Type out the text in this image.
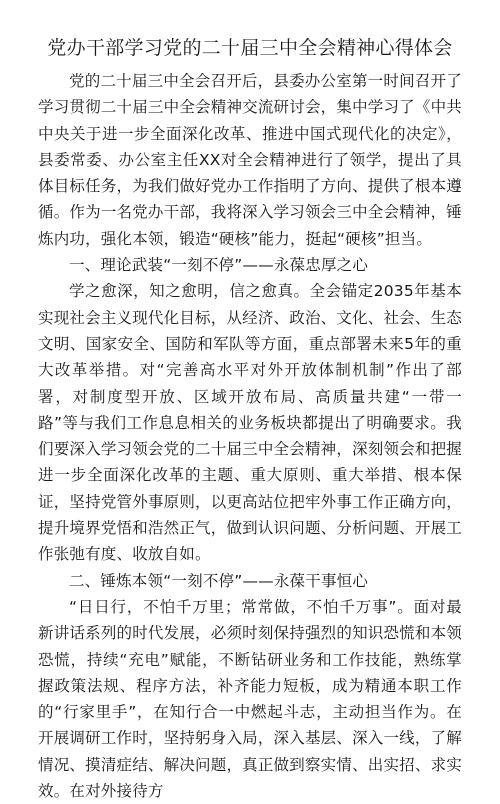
党办干部学习党的二十届三中全会精神心得体会

党的二十届三中全会召开后，县委办公室第一时间召开了学习贯彻二十届三中全会精神交流研讨会，集中学习了《中共中央关于进一步全面深化改革、推进中国式现代化的决定》，县委常委、办公室主任XX对全会精神进行了领学，提出了具体目标任务，为我们做好党办工作指明了方向、提供了根本遵循。作为一名党办干部，我将深入学习领会三中全会精神，锤炼内功，强化本领，锻造“硬核”能力，挺起“硬核”担当。

一、理论武装“一刻不停”——永葆忠厚之心

学之愈深，知之愈明，信之愈真。全会锚定2035年基本实现社会主义现代化目标，从经济、政治、文化、社会、生态文明、国家安全、国防和军队等方面，重点部署未来5年的重大改革举措。对“完善高水平对外开放体制机制”作出了部署，对制度型开放、区域开放布局、高质量共建“一带一路”等与我们工作息息相关的业务板块都提出了明确要求。我们要深入学习领会党的二十届三中全会精神，深刻领会和把握进一步全面深化改革的主题、重大原则、重大举措、根本保证，坚持党管外事原则，以更高站位把牢外事工作正确方向，提升境界党悟和浩然正气，做到认识问题、分析问题、开展工作张弛有度、收放自如。

二、锤炼本领“一刻不停”——永葆干事恒心

“日日行，不怕千万里；常常做，不怕千万事”。面对最新讲话系列的时代发展，必须时刻保持强烈的知识恐慌和本领恐慌，持续“充电”赋能，不断钻研业务和工作技能，熟练掌握政策法规、程序方法，补齐能力短板，成为精通本职工作的“行家里手”，在知行合一中燃起斗志，主动担当作为。在开展调研工作时，坚持躬身入局，深入基层、深入一线，了解情况、摸清症结、解决问题，真正做到察实情、出实招、求实效。在对外接待方
